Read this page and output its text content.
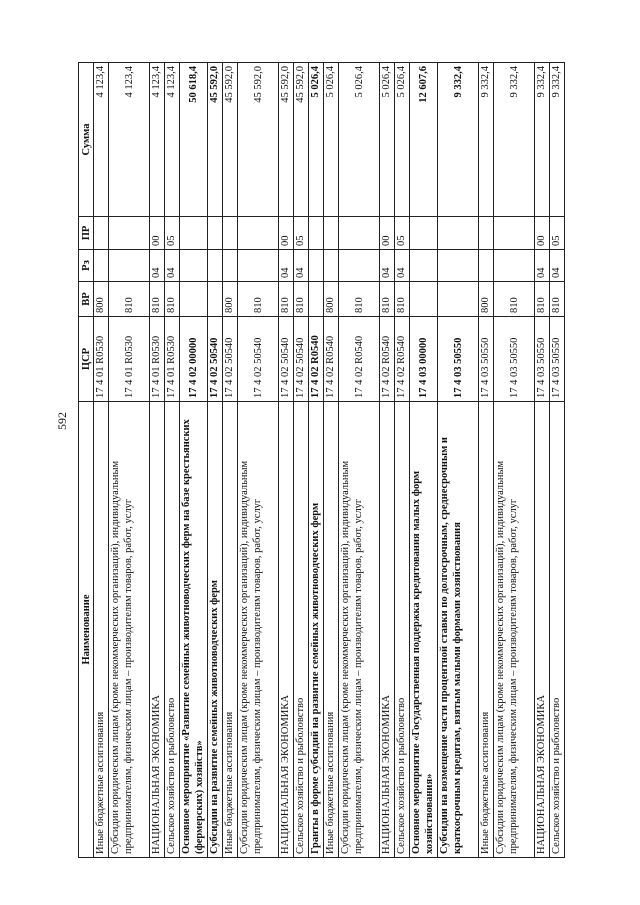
592
Наименование	ЦСР	ВР	Рз	ПР	Сумма
Иные бюджетные ассигнования	17 4 01 R0530	800			4 123,4
Субсидии юридическим лицам (кроме некоммерческих организаций), индивидуальным предпринимателям, физическим лицам – производителям товаров, работ, услуг	17 4 01 R0530	810			4 123,4
НАЦИОНАЛЬНАЯ ЭКОНОМИКА	17 4 01 R0530	810	04	00	4 123,4
Сельское хозяйство и рыболовство	17 4 01 R0530	810	04	05	4 123,4
Основное мероприятие «Развитие семейных животноводческих ферм на базе крестьянских (фермерских) хозяйств»	17 4 02 00000				50 618,4
Субсидии на развитие семейных животноводческих ферм	17 4 02 50540				45 592,0
Иные бюджетные ассигнования	17 4 02 50540	800			45 592,0
Субсидии юридическим лицам (кроме некоммерческих организаций), индивидуальным предпринимателям, физическим лицам – производителям товаров, работ, услуг	17 4 02 50540	810			45 592,0
НАЦИОНАЛЬНАЯ ЭКОНОМИКА	17 4 02 50540	810	04	00	45 592,0
Сельское хозяйство и рыболовство	17 4 02 50540	810	04	05	45 592,0
Гранты в форме субсидий на развитие семейных животноводческих ферм	17 4 02 R0540				5 026,4
Иные бюджетные ассигнования	17 4 02 R0540	800			5 026,4
Субсидии юридическим лицам (кроме некоммерческих организаций), индивидуальным предпринимателям, физическим лицам – производителям товаров, работ, услуг	17 4 02 R0540	810			5 026,4
НАЦИОНАЛЬНАЯ ЭКОНОМИКА	17 4 02 R0540	810	04	00	5 026,4
Сельское хозяйство и рыболовство	17 4 02 R0540	810	04	05	5 026,4
Основное мероприятие «Государственная поддержка кредитования малых форм хозяйствования»	17 4 03 00000				12 607,6
Субсидии на возмещение части процентной ставки по долгосрочным, среднесрочным и краткосрочным кредитам, взятым малыми формами хозяйствования	17 4 03 50550				9 332,4
Иные бюджетные ассигнования	17 4 03 50550	800			9 332,4
Субсидии юридическим лицам (кроме некоммерческих организаций), индивидуальным предпринимателям, физическим лицам – производителям товаров, работ, услуг	17 4 03 50550	810			9 332,4
НАЦИОНАЛЬНАЯ ЭКОНОМИКА	17 4 03 50550	810	04	00	9 332,4
Сельское хозяйство и рыболовство	17 4 03 50550	810	04	05	9 332,4
